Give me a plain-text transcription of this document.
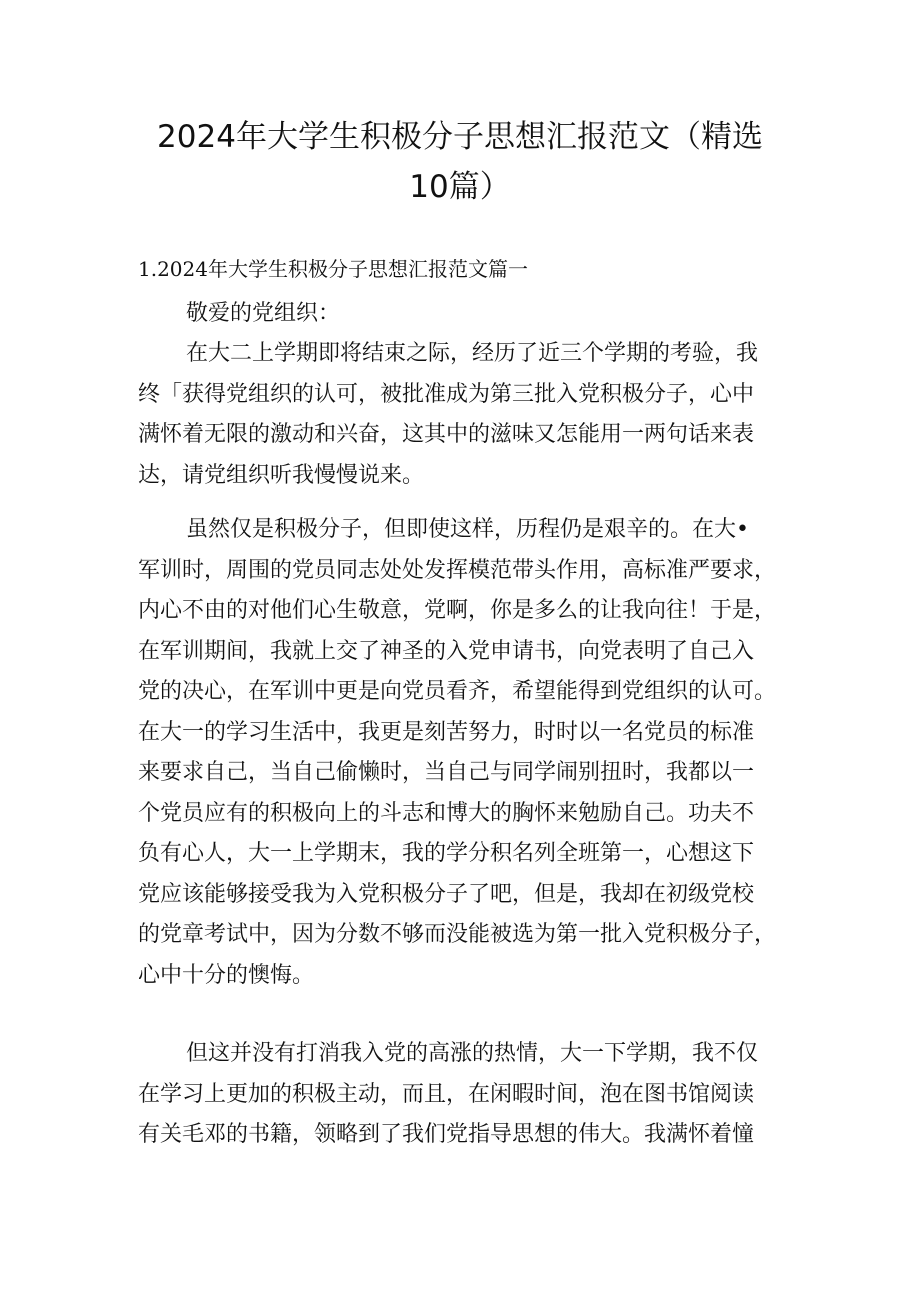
2024年大学生积极分子思想汇报范文（精选
10篇）
1.2024年大学生积极分子思想汇报范文篇一
敬爱的党组织：
在大二上学期即将结束之际，经历了近三个学期的考验，我
终「获得党组织的认可，被批准成为第三批入党积极分子，心中
满怀着无限的激动和兴奋，这其中的滋味又怎能用一两句话来表
达，请党组织听我慢慢说来。
虽然仅是积极分子，但即使这样，历程仍是艰辛的。在大•
军训时，周围的党员同志处处发挥模范带头作用，高标准严要求，
内心不由的对他们心生敬意，党啊，你是多么的让我向往！于是，
在军训期间，我就上交了神圣的入党申请书，向党表明了自己入
党的决心，在军训中更是向党员看齐，希望能得到党组织的认可。
在大一的学习生活中，我更是刻苦努力，时时以一名党员的标准
来要求自己，当自己偷懒时，当自己与同学闹别扭时，我都以一
个党员应有的积极向上的斗志和博大的胸怀来勉励自己。功夫不
负有心人，大一上学期末，我的学分积名列全班第一，心想这下
党应该能够接受我为入党积极分子了吧，但是，我却在初级党校
的党章考试中，因为分数不够而没能被选为第一批入党积极分子，
心中十分的懊悔。
但这并没有打消我入党的高涨的热情，大一下学期，我不仅
在学习上更加的积极主动，而且，在闲暇时间，泡在图书馆阅读
有关毛邓的书籍，领略到了我们党指导思想的伟大。我满怀着憧
